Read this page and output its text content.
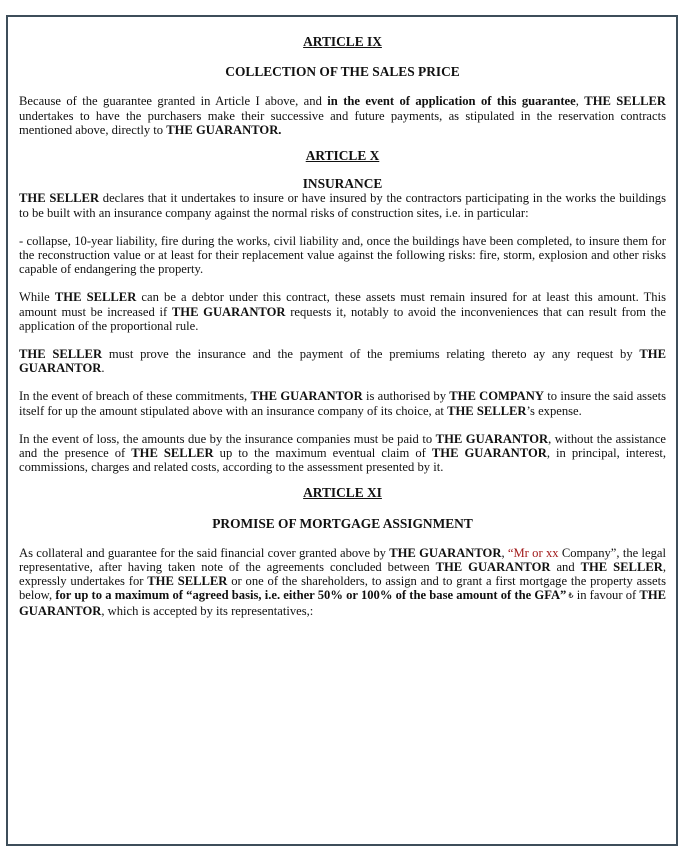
ARTICLE IX
COLLECTION OF THE SALES PRICE

Because of the guarantee granted in Article I above, and in the event of application of this guarantee, THE SELLER undertakes to have the purchasers make their successive and future payments, as stipulated in the reservation contracts mentioned above, directly to THE GUARANTOR.

ARTICLE X
INSURANCE

THE SELLER declares that it undertakes to insure or have insured by the contractors participating in the works the buildings to be built with an insurance company against the normal risks of construction sites, i.e. in particular:

- collapse, 10-year liability, fire during the works, civil liability and, once the buildings have been completed, to insure them for the reconstruction value or at least for their replacement value against the following risks: fire, storm, explosion and other risks capable of endangering the property.

While THE SELLER can be a debtor under this contract, these assets must remain insured for at least this amount. This amount must be increased if THE GUARANTOR requests it, notably to avoid the inconveniences that can result from the application of the proportional rule.

THE SELLER must prove the insurance and the payment of the premiums relating thereto ay any request by THE GUARANTOR.

In the event of breach of these commitments, THE GUARANTOR is authorised by THE COMPANY to insure the said assets itself for up the amount stipulated above with an insurance company of its choice, at THE SELLER’s expense.

In the event of loss, the amounts due by the insurance companies must be paid to THE GUARANTOR, without the assistance and the presence of THE SELLER up to the maximum eventual claim of THE GUARANTOR, in principal, interest, commissions, charges and related costs, according to the assessment presented by it.

ARTICLE XI
PROMISE OF MORTGAGE ASSIGNMENT

As collateral and guarantee for the said financial cover granted above by THE GUARANTOR, “Mr or xx Company”, the legal representative, after having taken note of the agreements concluded between THE GUARANTOR and THE SELLER, expressly undertakes for THE SELLER or one of the shareholders, to assign and to grant a first mortgage the property assets below, for up to a maximum of “agreed basis, i.e. either 50% or 100% of the base amount of the GFA” ₺ in favour of THE GUARANTOR, which is accepted by its representatives,:
